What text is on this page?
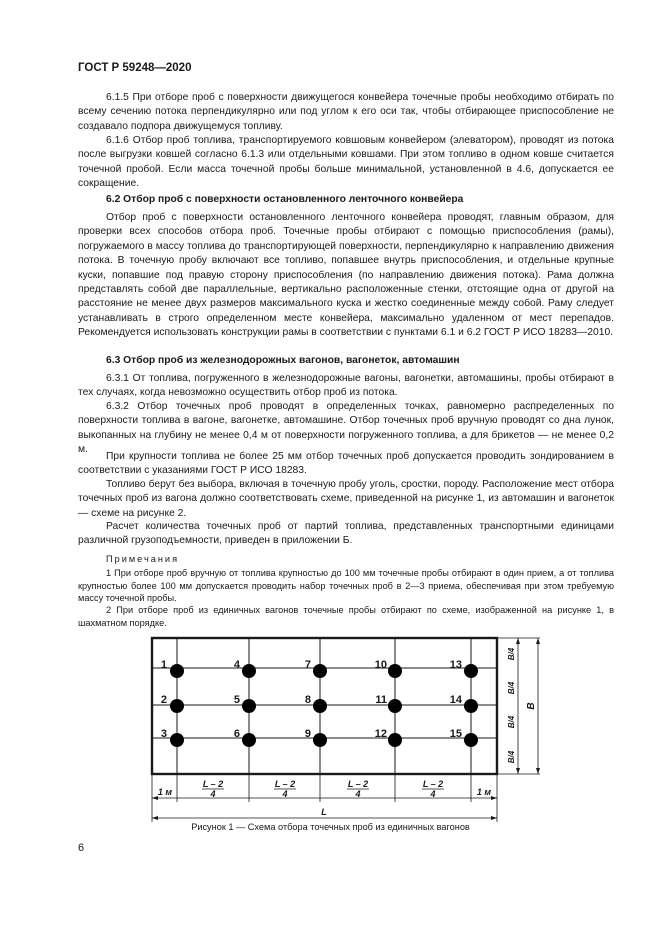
ГОСТ Р 59248—2020
6.1.5 При отборе проб с поверхности движущегося конвейера точечные пробы необходимо отбирать по всему сечению потока перпендикулярно или под углом к его оси так, чтобы отбирающее приспособление не создавало подпора движущемуся топливу.
6.1.6 Отбор проб топлива, транспортируемого ковшовым конвейером (элеватором), проводят из потока после выгрузки ковшей согласно 6.1.3 или отдельными ковшами. При этом топливо в одном ковше считается точечной пробой. Если масса точечной пробы больше минимальной, установленной в 4.6, допускается ее сокращение.
6.2 Отбор проб с поверхности остановленного ленточного конвейера
Отбор проб с поверхности остановленного ленточного конвейера проводят, главным образом, для проверки всех способов отбора проб. Точечные пробы отбирают с помощью приспособления (рамы), погружаемого в массу топлива до транспортирующей поверхности, перпендикулярно к направлению движения потока. В точечную пробу включают все топливо, попавшее внутрь приспособления, и отдельные крупные куски, попавшие под правую сторону приспособления (по направлению движения потока). Рама должна представлять собой две параллельные, вертикально расположенные стенки, отстоящие одна от другой на расстояние не менее двух размеров максимального куска и жестко соединенные между собой. Раму следует устанавливать в строго определенном месте конвейера, максимально удаленном от мест перепадов. Рекомендуется использовать конструкции рамы в соответствии с пунктами 6.1 и 6.2 ГОСТ Р ИСО 18283—2010.
6.3 Отбор проб из железнодорожных вагонов, вагонеток, автомашин
6.3.1 От топлива, погруженного в железнодорожные вагоны, вагонетки, автомашины, пробы отбирают в тех случаях, когда невозможно осуществить отбор проб из потока.
6.3.2 Отбор точечных проб проводят в определенных точках, равномерно распределенных по поверхности топлива в вагоне, вагонетке, автомашине. Отбор точечных проб вручную проводят со дна лунок, выкопанных на глубину не менее 0,4 м от поверхности погруженного топлива, а для брикетов — не менее 0,2 м.
При крупности топлива не более 25 мм отбор точечных проб допускается проводить зондированием в соответствии с указаниями ГОСТ Р ИСО 18283.
Топливо берут без выбора, включая в точечную пробу уголь, сростки, породу. Расположение мест отбора точечных проб из вагона должно соответствовать схеме, приведенной на рисунке 1, из автомашин и вагонеток — схеме на рисунке 2.
Расчет количества точечных проб от партий топлива, представленных транспортными единицами различной грузоподъемности, приведен в приложении Б.
Примечания
1 При отборе проб вручную от топлива крупностью до 100 мм точечные пробы отбирают в один прием, а от топлива крупностью более 100 мм допускается проводить набор точечных проб в 2—3 приема, обеспечивая при этом требуемую массу точечной пробы.
2 При отборе проб из единичных вагонов точечные пробы отбирают по схеме, изображенной на рисунке 1, в шахматном порядке.
1
2
3
4
5
6
7
8
9
10
11
12
13
14
15
1 м
L – 2
4
L – 2
4
L – 2
4
L – 2
4	1 м
L
B/4
B/4
B/4
B/4
B
Рисунок 1 — Схема отбора точечных проб из единичных вагонов
6
